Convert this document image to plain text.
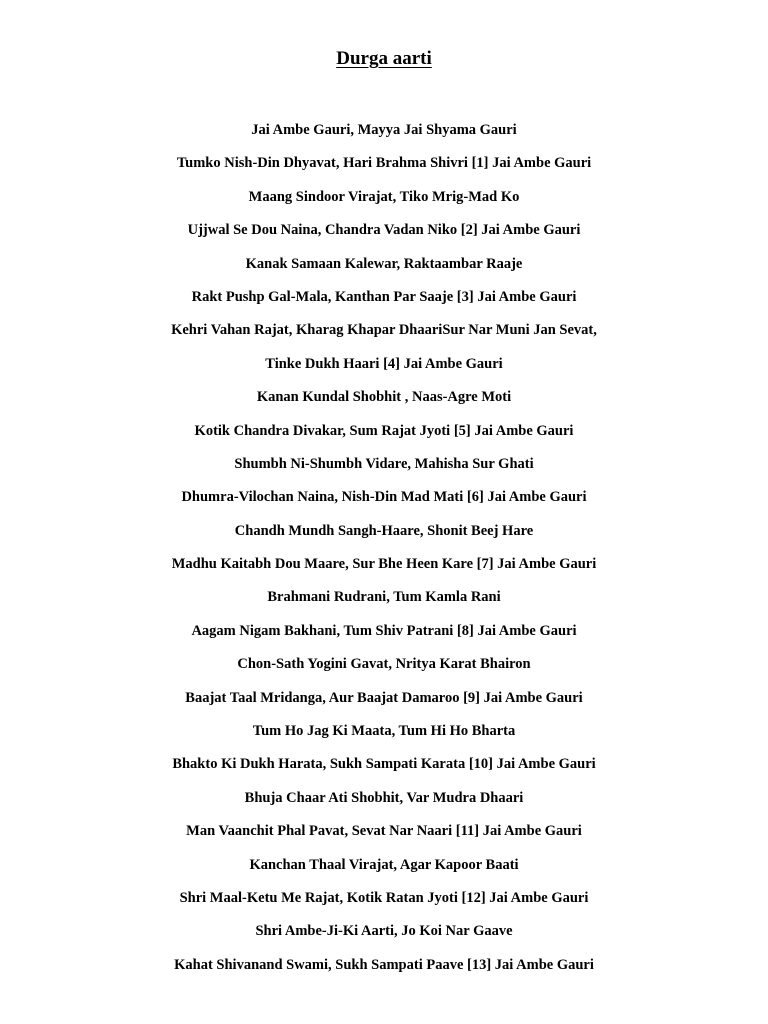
Durga aarti
Jai Ambe Gauri, Mayya Jai Shyama Gauri
Tumko Nish-Din Dhyavat, Hari Brahma Shivri [1] Jai Ambe Gauri
Maang Sindoor Virajat, Tiko Mrig-Mad Ko
Ujjwal Se Dou Naina, Chandra Vadan Niko [2] Jai Ambe Gauri
Kanak Samaan Kalewar, Raktaambar Raaje
Rakt Pushp Gal-Mala, Kanthan Par Saaje [3] Jai Ambe Gauri
Kehri Vahan Rajat, Kharag Khapar DhaariSur Nar Muni Jan Sevat,
Tinke Dukh Haari [4] Jai Ambe Gauri
Kanan Kundal Shobhit , Naas-Agre Moti
Kotik Chandra Divakar, Sum Rajat Jyoti [5] Jai Ambe Gauri
Shumbh Ni-Shumbh Vidare, Mahisha Sur Ghati
Dhumra-Vilochan Naina, Nish-Din Mad Mati [6] Jai Ambe Gauri
Chandh Mundh Sangh-Haare, Shonit Beej Hare
Madhu Kaitabh Dou Maare, Sur Bhe Heen Kare [7] Jai Ambe Gauri
Brahmani Rudrani, Tum Kamla Rani
Aagam Nigam Bakhani, Tum Shiv Patrani [8] Jai Ambe Gauri
Chon-Sath Yogini Gavat, Nritya Karat Bhairon
Baajat Taal Mridanga, Aur Baajat Damaroo [9] Jai Ambe Gauri
Tum Ho Jag Ki Maata, Tum Hi Ho Bharta
Bhakto Ki Dukh Harata, Sukh Sampati Karata [10] Jai Ambe Gauri
Bhuja Chaar Ati Shobhit, Var Mudra Dhaari
Man Vaanchit Phal Pavat, Sevat Nar Naari [11] Jai Ambe Gauri
Kanchan Thaal Virajat, Agar Kapoor Baati
Shri Maal-Ketu Me Rajat, Kotik Ratan Jyoti [12] Jai Ambe Gauri
Shri Ambe-Ji-Ki Aarti, Jo Koi Nar Gaave
Kahat Shivanand Swami, Sukh Sampati Paave [13] Jai Ambe Gauri
